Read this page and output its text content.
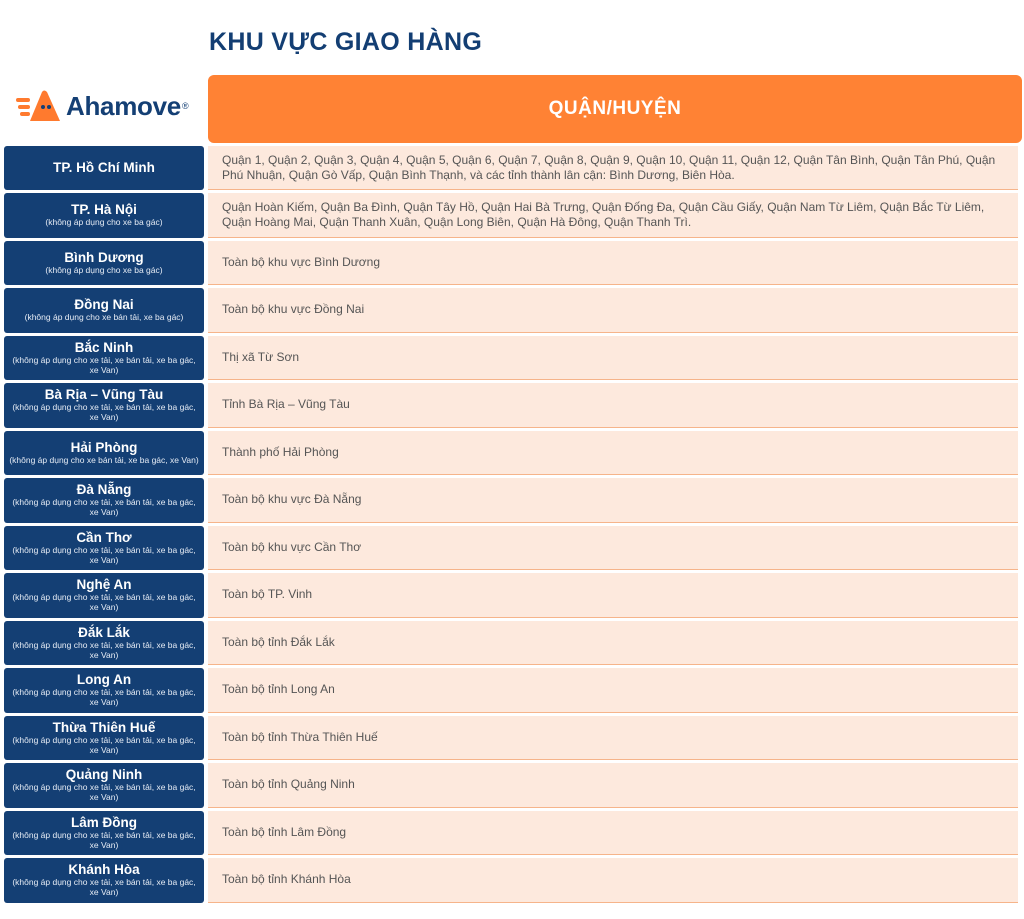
KHU VỰC GIAO HÀNG
Ahamove ®	QUẬN/HUYỆN
TP. Hồ Chí Minh
Quận 1, Quận 2, Quận 3, Quận 4, Quận 5, Quận 6, Quận 7, Quận 8, Quận 9, Quận 10, Quận 11, Quận 12, Quận Tân Bình, Quận Tân Phú, Quận Phú Nhuận, Quận Gò Vấp, Quận Bình Thạnh, và các tỉnh thành lân cận: Bình Dương, Biên Hòa.
TP. Hà Nội
(không áp dụng cho xe ba gác)
Quận Hoàn Kiếm, Quận Ba Đình, Quận Tây Hồ, Quận Hai Bà Trưng, Quận Đống Đa, Quận Cầu Giấy, Quận Nam Từ Liêm, Quận Bắc Từ Liêm, Quận Hoàng Mai, Quận Thanh Xuân, Quận Long Biên, Quận Hà Đông, Quận Thanh Trì.
Bình Dương
(không áp dụng cho xe ba gác)
Toàn bộ khu vực Bình Dương
Đồng Nai
(không áp dụng cho xe bán tải, xe ba gác)
Toàn bộ khu vực Đồng Nai
Bắc Ninh
(không áp dụng cho xe tải, xe bán tải, xe ba gác, xe Van)
Thị xã Từ Sơn
Bà Rịa – Vũng Tàu
(không áp dụng cho xe tải, xe bán tải, xe ba gác, xe Van)
Tỉnh Bà Rịa – Vũng Tàu
Hải Phòng
(không áp dụng cho xe bán tải, xe ba gác, xe Van)
Thành phố Hải Phòng
Đà Nẵng
(không áp dụng cho xe tải, xe bán tải, xe ba gác, xe Van)
Toàn bộ khu vực Đà Nẵng
Cần Thơ
(không áp dụng cho xe tải, xe bán tải, xe ba gác, xe Van)
Toàn bộ khu vực Cần Thơ
Nghệ An
(không áp dụng cho xe tải, xe bán tải, xe ba gác, xe Van)
Toàn bộ TP. Vinh
Đắk Lắk
(không áp dụng cho xe tải, xe bán tải, xe ba gác, xe Van)
Toàn bộ tỉnh Đắk Lắk
Long An
(không áp dụng cho xe tải, xe bán tải, xe ba gác, xe Van)
Toàn bộ tỉnh Long An
Thừa Thiên Huế
(không áp dụng cho xe tải, xe bán tải, xe ba gác, xe Van)
Toàn bộ tỉnh Thừa Thiên Huế
Quảng Ninh
(không áp dụng cho xe tải, xe bán tải, xe ba gác, xe Van)
Toàn bộ tỉnh Quảng Ninh
Lâm Đồng
(không áp dụng cho xe tải, xe bán tải, xe ba gác, xe Van)
Toàn bộ tỉnh Lâm Đồng
Khánh Hòa
(không áp dụng cho xe tải, xe bán tải, xe ba gác, xe Van)
Toàn bộ tỉnh Khánh Hòa
